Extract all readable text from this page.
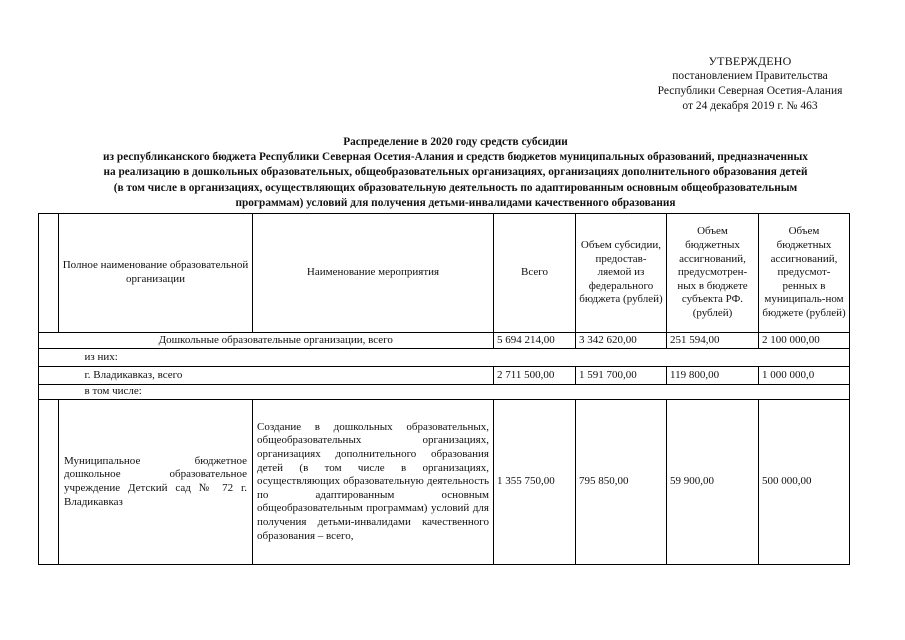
УТВЕРЖДЕНО
постановлением Правительства
Республики Северная Осетия-Алания
от 24 декабря 2019 г. № 463
Распределение в 2020 году средств субсидии
из республиканского бюджета Республики Северная Осетия-Алания и средств бюджетов муниципальных образований, предназначенных
на реализацию в дошкольных образовательных, общеобразовательных организациях, организациях дополнительного образования детей
(в том числе в организациях, осуществляющих образовательную деятельность по адаптированным основным общеобразовательным
программам) условий для получения детьми-инвалидами качественного образования
	Полное наименование образовательной организации	Наименование мероприятия	Всего	Объем субсидии, предостав-ляемой из федерального бюджета (рублей)	Объем бюджетных ассигнований, предусмотрен-ных в бюджете субъекта РФ. (рублей)	Объем бюджетных ассигнований, предусмот-ренных в муниципаль-ном бюджете (рублей)
	Дошкольные образовательные организации, всего		5 694 214,00	3 342 620,00	251 594,00	2 100 000,00
	из них:					
	г. Владикавказ, всего		2 711 500,00	1 591 700,00	119 800,00	1 000 000,0
	в том числе:					
	Муниципальное бюджетное дошкольное образовательное учреждение Детский сад № 72 г. Владикавказ	Создание в дошкольных образовательных, общеобразовательных организациях, организациях дополнительного образования детей (в том числе в организациях, осуществляющих образовательную деятельность по адаптированным основным общеобразовательным программам) условий для получения детьми-инвалидами качественного образования – всего,	1 355 750,00	795 850,00	59 900,00	500 000,00
